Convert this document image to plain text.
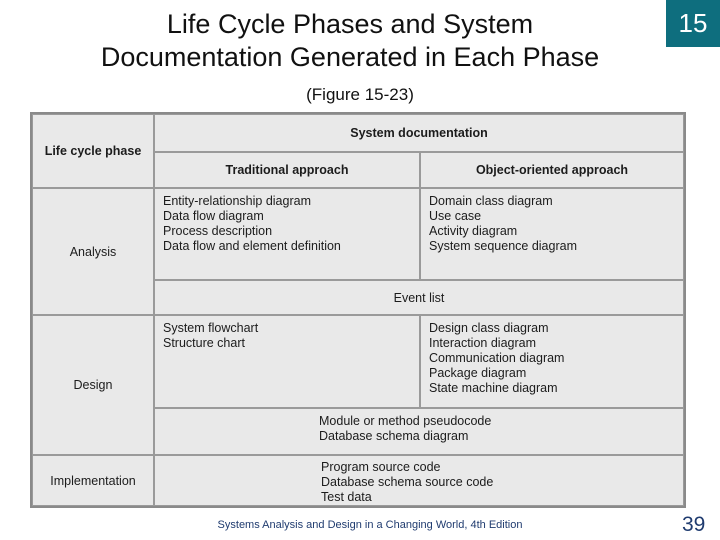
Life Cycle Phases and System
Documentation Generated in Each Phase
15
(Figure 15-23)
Life cycle phase
System documentation
Traditional approach	Object-oriented approach
Analysis
Entity-relationship diagram
Data flow diagram
Process description
Data flow and element definition
Domain class diagram
Use case
Activity diagram
System sequence diagram
Event list
Design
System flowchart
Structure chart
Design class diagram
Interaction diagram
Communication diagram
Package diagram
State machine diagram
Module or method pseudocode
Database schema diagram
Implementation
Program source code
Database schema source code
Test data
Systems Analysis and Design in a Changing World, 4th Edition	39
